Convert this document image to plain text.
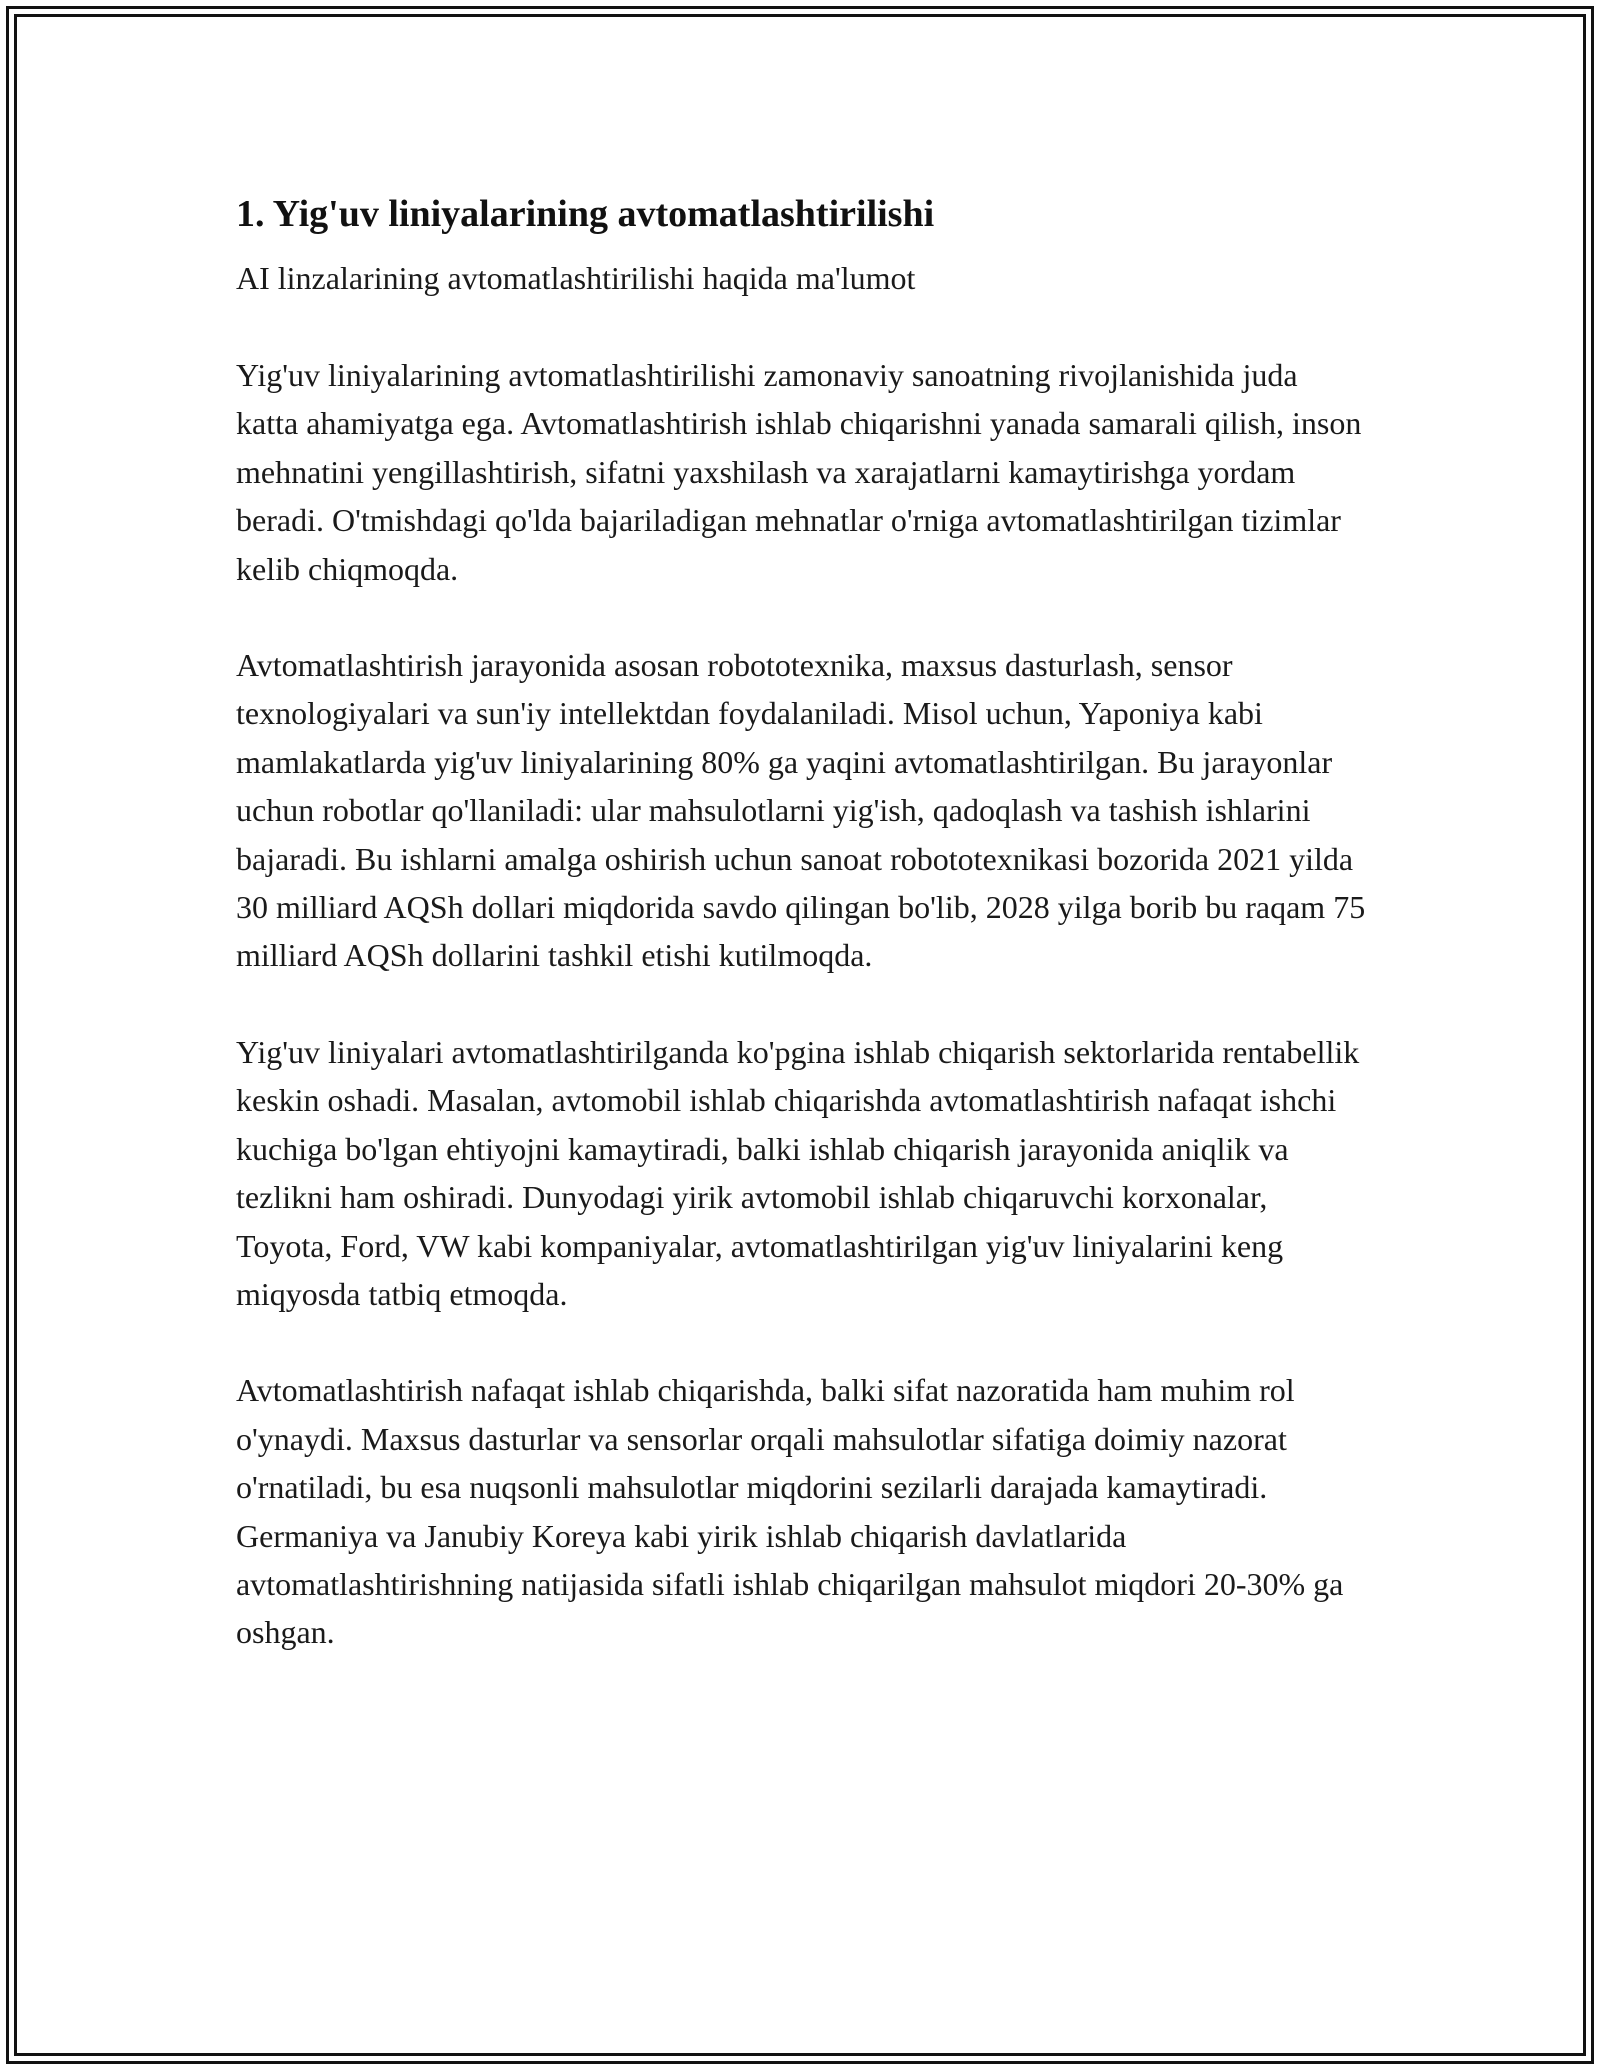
1. Yig'uv liniyalarining avtomatlashtirilishi

AI linzalarining avtomatlashtirilishi haqida ma'lumot

Yig'uv liniyalarining avtomatlashtirilishi zamonaviy sanoatning rivojlanishida juda katta ahamiyatga ega. Avtomatlashtirish ishlab chiqarishni yanada samarali qilish, inson mehnatini yengillashtirish, sifatni yaxshilash va xarajatlarni kamaytirishga yordam beradi. O'tmishdagi qo'lda bajariladigan mehnatlar o'rniga avtomatlashtirilgan tizimlar kelib chiqmoqda.

Avtomatlashtirish jarayonida asosan robototexnika, maxsus dasturlash, sensor texnologiyalari va sun'iy intellektdan foydalaniladi. Misol uchun, Yaponiya kabi mamlakatlarda yig'uv liniyalarining 80% ga yaqini avtomatlashtirilgan. Bu jarayonlar uchun robotlar qo'llaniladi: ular mahsulotlarni yig'ish, qadoqlash va tashish ishlarini bajaradi. Bu ishlarni amalga oshirish uchun sanoat robototexnikasi bozorida 2021 yilda 30 milliard AQSh dollari miqdorida savdo qilingan bo'lib, 2028 yilga borib bu raqam 75 milliard AQSh dollarini tashkil etishi kutilmoqda.

Yig'uv liniyalari avtomatlashtirilganda ko'pgina ishlab chiqarish sektorlarida rentabellik keskin oshadi. Masalan, avtomobil ishlab chiqarishda avtomatlashtirish nafaqat ishchi kuchiga bo'lgan ehtiyojni kamaytiradi, balki ishlab chiqarish jarayonida aniqlik va tezlikni ham oshiradi. Dunyodagi yirik avtomobil ishlab chiqaruvchi korxonalar, Toyota, Ford, VW kabi kompaniyalar, avtomatlashtirilgan yig'uv liniyalarini keng miqyosda tatbiq etmoqda.

Avtomatlashtirish nafaqat ishlab chiqarishda, balki sifat nazoratida ham muhim rol o'ynaydi. Maxsus dasturlar va sensorlar orqali mahsulotlar sifatiga doimiy nazorat o'rnatiladi, bu esa nuqsonli mahsulotlar miqdorini sezilarli darajada kamaytiradi. Germaniya va Janubiy Koreya kabi yirik ishlab chiqarish davlatlarida avtomatlashtirishning natijasida sifatli ishlab chiqarilgan mahsulot miqdori 20-30% ga oshgan.
